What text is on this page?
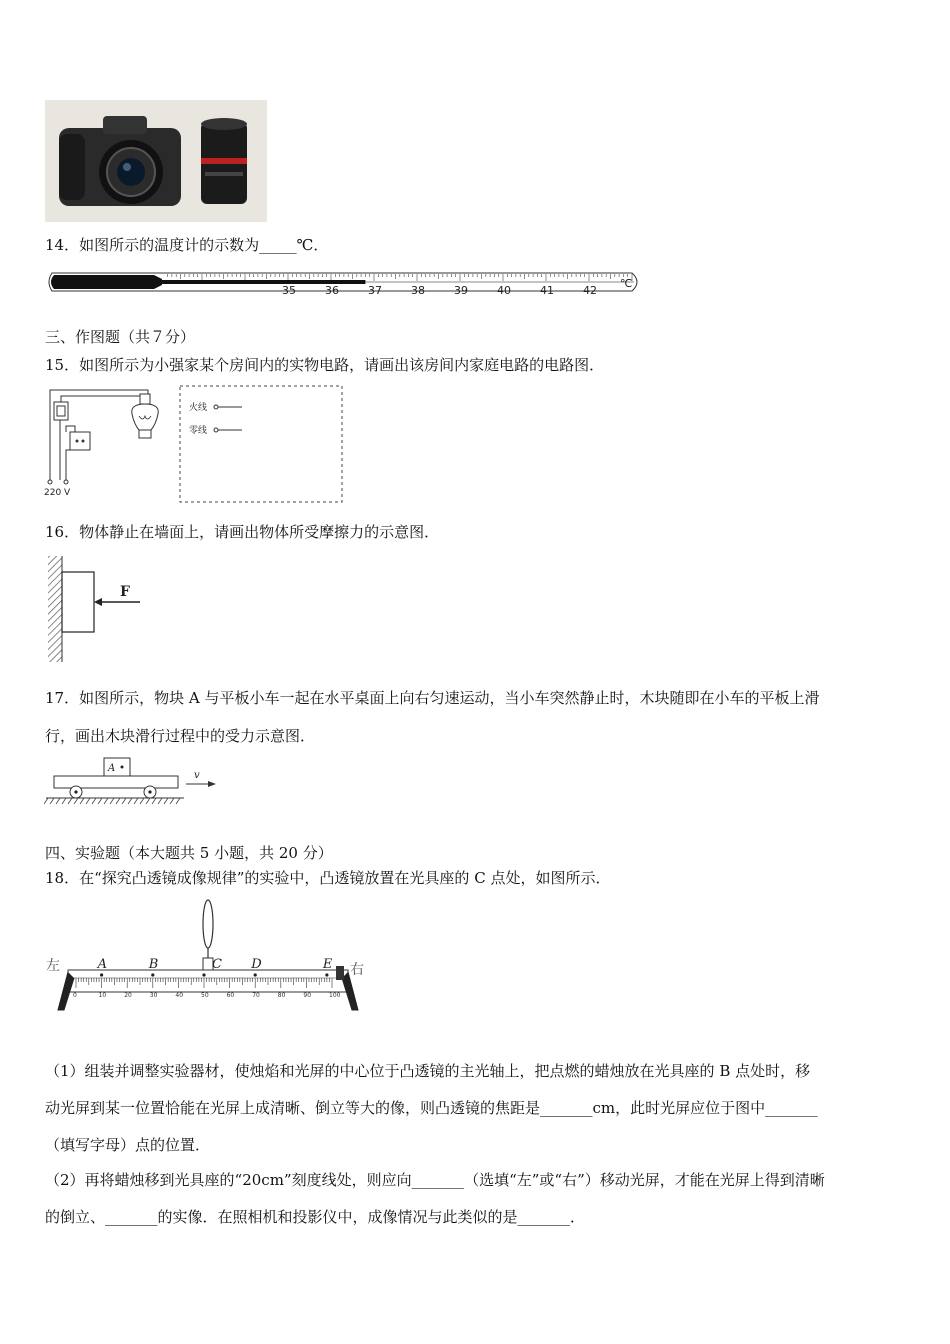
14．如图所示的温度计的示数为_____℃．
35	36	37	38	39	40	41	42
℃
三、作图题（共７分）
15．如图所示为小强家某个房间内的实物电路，请画出该房间内家庭电路的电路图．
220 V
火线
零线
16．物体静止在墙面上，请画出物体所受摩擦力的示意图．
F
17．如图所示，物块 A 与平板小车一起在水平桌面上向右匀速运动，当小车突然静止时，木块随即在小车的平板上滑
行，画出木块滑行过程中的受力示意图．
A
v
四、实验题（本大题共 5 小题，共 20 分）
18．在“探究凸透镜成像规律”的实验中，凸透镜放置在光具座的 C 点处，如图所示．
0	10	20	30	40	50	60	70	80	90	100
左	右
A	B	C D	E
（1）组装并调整实验器材，使烛焰和光屏的中心位于凸透镜的主光轴上，把点燃的蜡烛放在光具座的 B 点处时，移
动光屏到某一位置恰能在光屏上成清晰、倒立等大的像，则凸透镜的焦距是_______cm，此时光屏应位于图中_______
（填写字母）点的位置．
（2）再将蜡烛移到光具座的“20cm”刻度线处，则应向_______（选填“左”或“右”）移动光屏，才能在光屏上得到清晰
的倒立、_______的实像．在照相机和投影仪中，成像情况与此类似的是_______．
